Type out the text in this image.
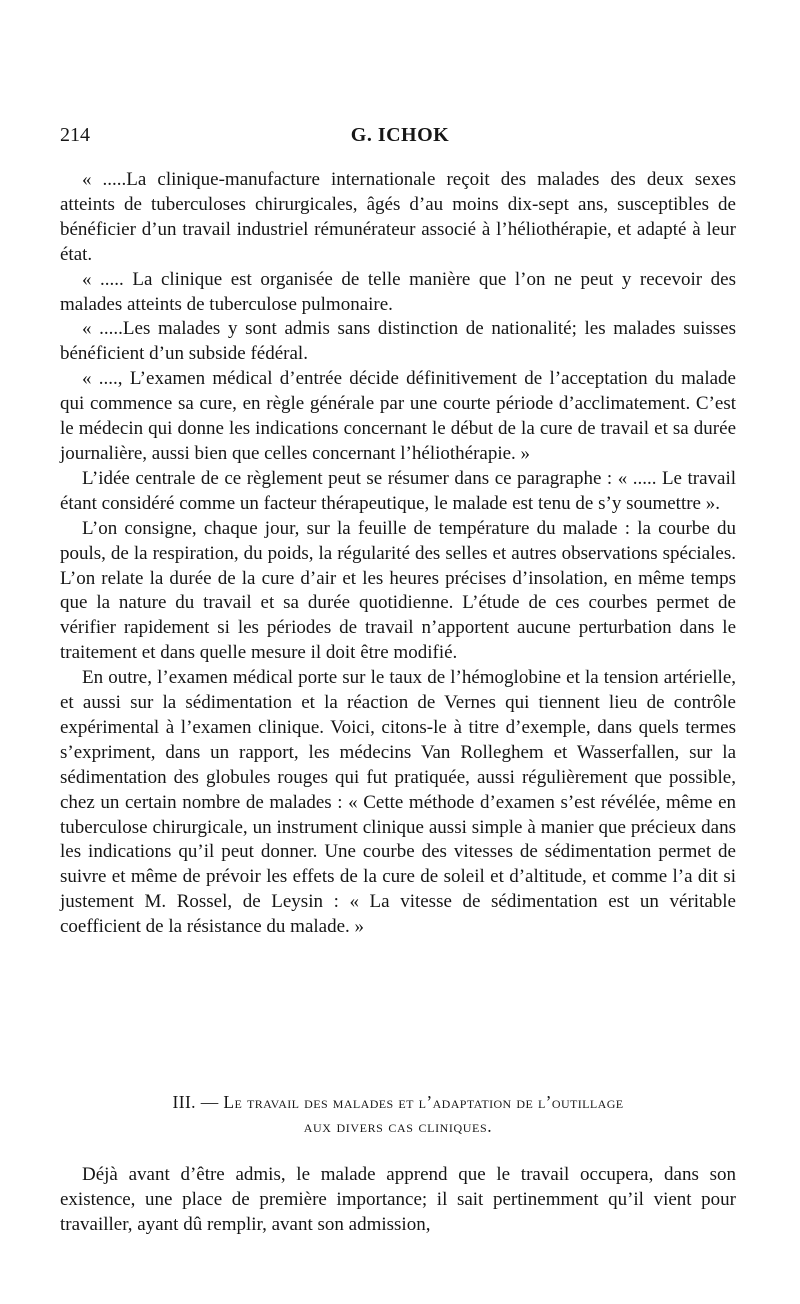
214	G. ICHOK

« .....La clinique-manufacture internationale reçoit des malades des deux sexes atteints de tuberculoses chirurgicales, âgés d’au moins dix-sept ans, susceptibles de bénéficier d’un travail industriel rémunérateur associé à l’héliothérapie, et adapté à leur état.

« ..... La clinique est organisée de telle manière que l’on ne peut y recevoir des malades atteints de tuberculose pulmonaire.

« .....Les malades y sont admis sans distinction de nationalité; les malades suisses bénéficient d’un subside fédéral.

« ...., L’examen médical d’entrée décide définitivement de l’acceptation du malade qui commence sa cure, en règle générale par une courte période d’acclimatement. C’est le médecin qui donne les indications concernant le début de la cure de travail et sa durée journalière, aussi bien que celles concernant l’héliothérapie. »

L’idée centrale de ce règlement peut se résumer dans ce paragraphe : « ..... Le travail étant considéré comme un facteur thérapeutique, le malade est tenu de s’y soumettre ».

L’on consigne, chaque jour, sur la feuille de température du malade : la courbe du pouls, de la respiration, du poids, la régularité des selles et autres observations spéciales. L’on relate la durée de la cure d’air et les heures précises d’insolation, en même temps que la nature du travail et sa durée quotidienne. L’étude de ces courbes permet de vérifier rapidement si les périodes de travail n’apportent aucune perturbation dans le traitement et dans quelle mesure il doit être modifié.

En outre, l’examen médical porte sur le taux de l’hémoglobine et la tension artérielle, et aussi sur la sédimentation et la réaction de Vernes qui tiennent lieu de contrôle expérimental à l’examen clinique. Voici, citons-le à titre d’exemple, dans quels termes s’expriment, dans un rapport, les médecins Van Rolleghem et Wasserfallen, sur la sédimentation des globules rouges qui fut pratiquée, aussi régulièrement que possible, chez un certain nombre de malades : « Cette méthode d’examen s’est révélée, même en tuberculose chirurgicale, un instrument clinique aussi simple à manier que précieux dans les indications qu’il peut donner. Une courbe des vitesses de sédimentation permet de suivre et même de prévoir les effets de la cure de soleil et d’altitude, et comme l’a dit si justement M. Rossel, de Leysin : « La vitesse de sédimentation est un véritable coefficient de la résistance du malade. »

III. — Le travail des malades et l’adaptation de l’outillage
aux divers cas cliniques.

Déjà avant d’être admis, le malade apprend que le travail occupera, dans son existence, une place de première importance; il sait pertinemment qu’il vient pour travailler, ayant dû remplir, avant son admission,
